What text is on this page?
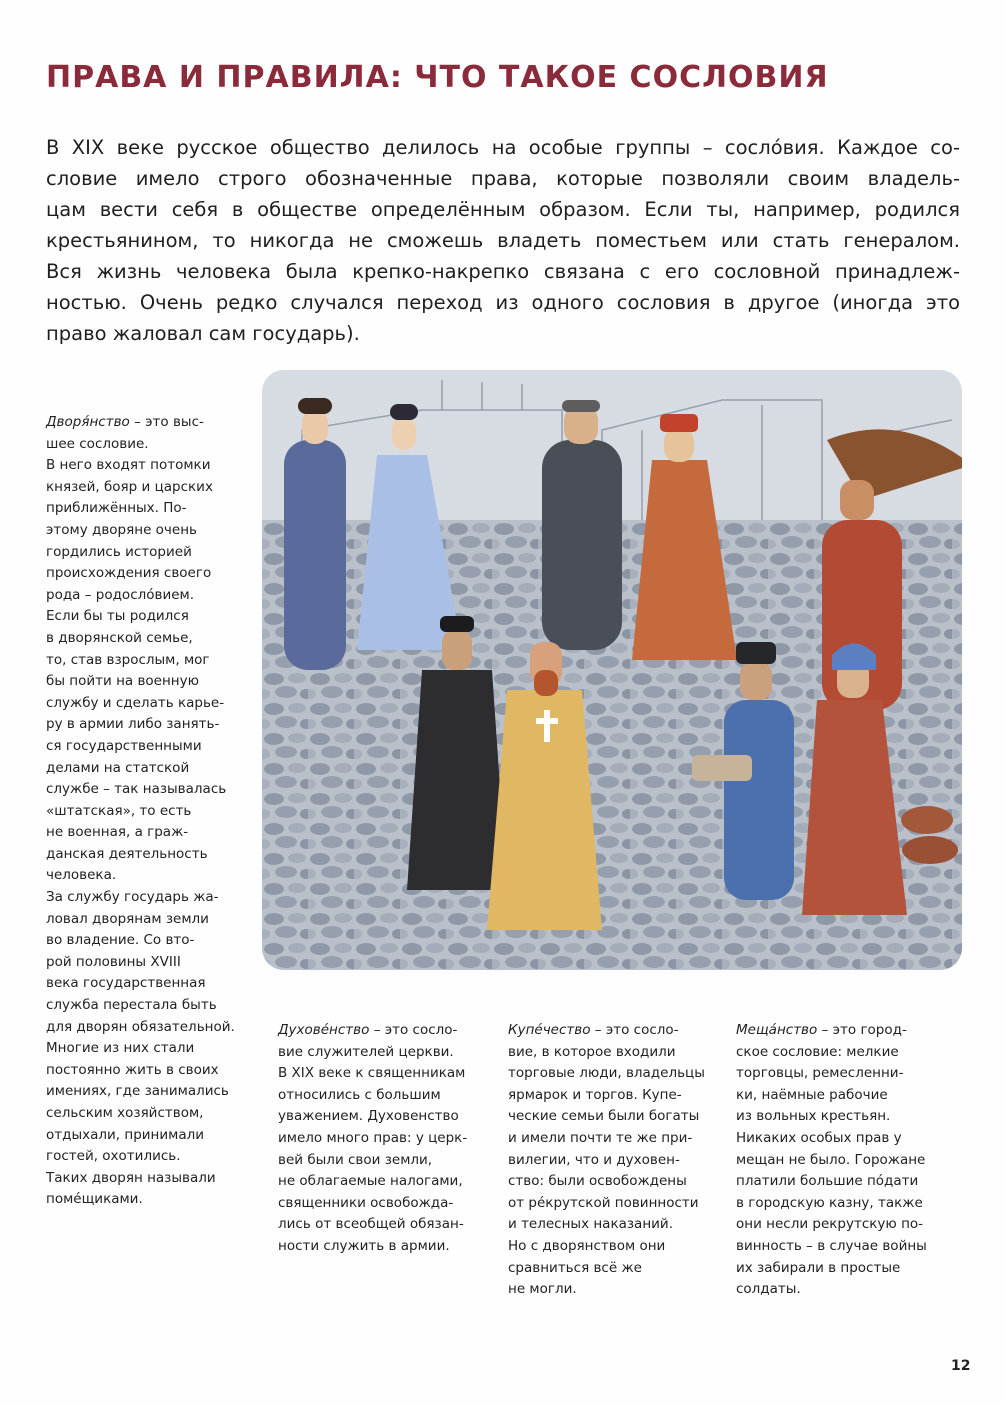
ПРАВА И ПРАВИЛА: ЧТО ТАКОЕ СОСЛОВИЯ

В XIX веке русское общество делилось на особые группы – сосло́вия. Каждое со-
словие имело строго обозначенные права, которые позволяли своим владель-
цам вести себя в обществе определённым образом. Если ты, например, родился
крестьянином, то никогда не сможешь владеть поместьем или стать генералом.
Вся жизнь человека была крепко-накрепко связана с его сословной принадлеж-
ностью. Очень редко случался переход из одного сословия в другое (иногда это
право жаловал сам государь).

Дворя́нство – это выс-
шее сословие.
В него входят потомки
князей, бояр и царских
приближённых. По-
этому дворяне очень
гордились историей
происхождения своего
рода – родосло́вием.
Если бы ты родился
в дворянской семье,
то, став взрослым, мог
бы пойти на военную
службу и сделать карье-
ру в армии либо занять-
ся государственными
делами на статской
службе – так называлась
«штатская», то есть
не военная, а граж-
данская деятельность
человека.
За службу государь жа-
ловал дворянам земли
во владение. Со вто-
рой половины XVIII
века государственная
служба перестала быть
для дворян обязательной.
Многие из них стали
постоянно жить в своих
имениях, где занимались
сельским хозяйством,
отдыхали, принимали
гостей, охотились.
Таких дворян называли
помéщиками.

Духове́нство – это сосло-
вие служителей церкви.
В XIX веке к священникам
относились с большим
уважением. Духовенство
имело много прав: у церк-
вей были свои земли,
не облагаемые налогами,
священники освобожда-
лись от всеобщей обязан-
ности служить в армии.

Купе́чество – это сосло-
вие, в которое входили
торговые люди, владельцы
ярмарок и торгов. Купе-
ческие семьи были богаты
и имели почти те же при-
вилегии, что и духовен-
ство: были освобождены
от ре́крутской повинности
и телесных наказаний.
Но с дворянством они
сравниться всё же
не могли.

Меща́нство – это город-
ское сословие: мелкие
торговцы, ремесленни-
ки, наёмные рабочие
из вольных крестьян.
Никаких особых прав у
мещан не было. Горожане
платили большие по́дати
в городскую казну, также
они несли рекрутскую по-
винность – в случае войны
их забирали в простые
солдаты.

12
